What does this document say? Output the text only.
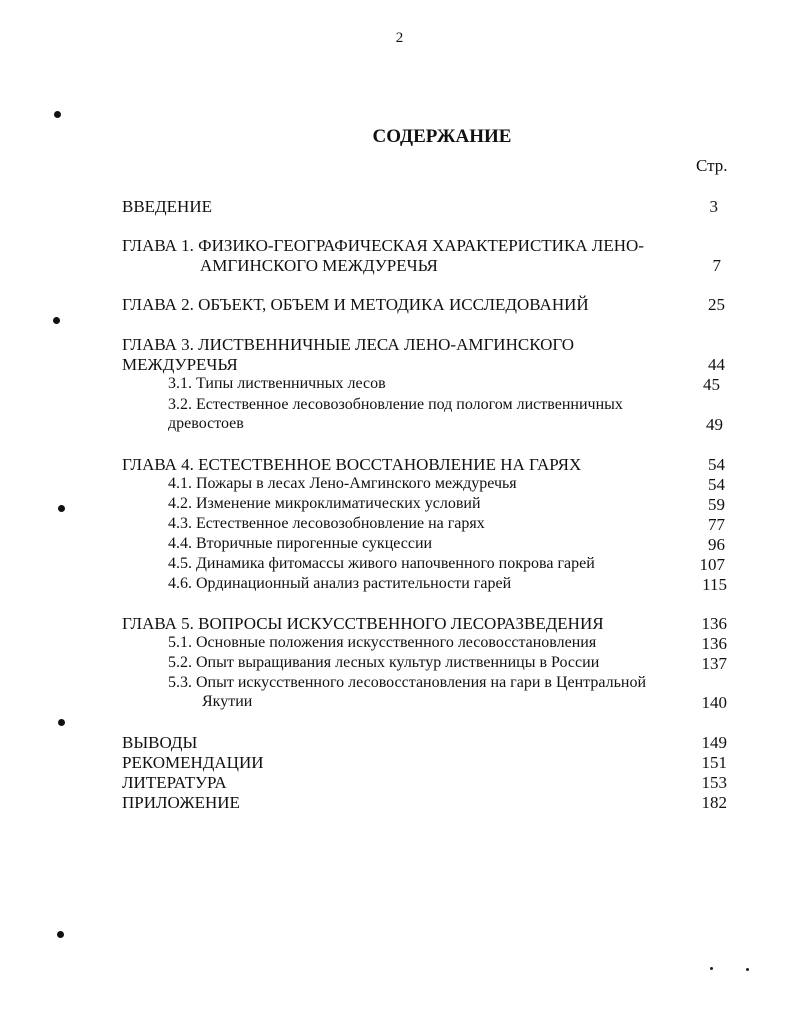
2
СОДЕРЖАНИЕ
Стр.
ВВЕДЕНИЕ	3
ГЛАВА 1. ФИЗИКО-ГЕОГРАФИЧЕСКАЯ ХАРАКТЕРИСТИКА ЛЕНО-
АМГИНСКОГО МЕЖДУРЕЧЬЯ	7
ГЛАВА 2. ОБЪЕКТ, ОБЪЕМ И МЕТОДИКА ИССЛЕДОВАНИЙ	25
ГЛАВА 3. ЛИСТВЕННИЧНЫЕ ЛЕСА ЛЕНО-АМГИНСКОГО
МЕЖДУРЕЧЬЯ	44
3.1. Типы лиственничных лесов	45
3.2. Естественное лесовозобновление под пологом лиственничных
древостоев	49
ГЛАВА 4. ЕСТЕСТВЕННОЕ ВОССТАНОВЛЕНИЕ НА ГАРЯХ	54
4.1. Пожары в лесах Лено-Амгинского междуречья	54
4.2. Изменение микроклиматических условий	59
4.3. Естественное лесовозобновление на гарях	77
4.4. Вторичные пирогенные сукцессии	96
4.5. Динамика фитомассы живого напочвенного покрова гарей	107
4.6. Ординационный анализ растительности гарей	115
ГЛАВА 5. ВОПРОСЫ ИСКУССТВЕННОГО ЛЕСОРАЗВЕДЕНИЯ	136
5.1. Основные положения искусственного лесовосстановления	136
5.2. Опыт выращивания лесных культур лиственницы в России	137
5.3. Опыт искусственного лесовосстановления на гари в Центральной
Якутии	140
ВЫВОДЫ	149
РЕКОМЕНДАЦИИ	151
ЛИТЕРАТУРА	153
ПРИЛОЖЕНИЕ	182
